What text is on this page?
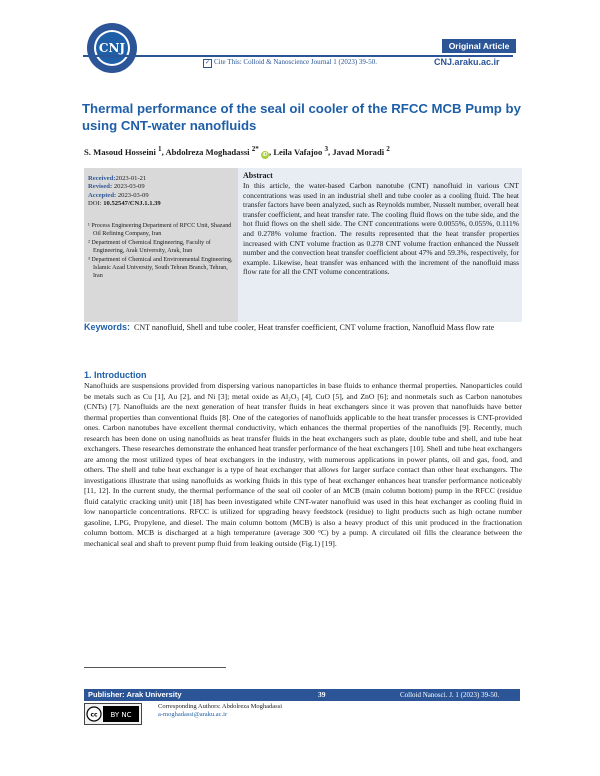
CNJ	Original Article
✓ Cite This: Colloid & Nanoscience Journal 1 (2023) 39-50.	CNJ.araku.ac.ir
Thermal performance of the seal oil cooler of the RFCC MCB Pump by using CNT-water nanofluids
S. Masoud Hosseini $^1$, Abdolreza Moghadassi $^{2*}$ iD , Leila Vafajoo $^3$, Javad Moradi $^2$
Received:2023-01-21
Revised: 2023-03-09
Accepted: 2023-03-09
DOI: 10.52547/CNJ.1.1.39

¹ Process Engineering Department of RFCC Unit, Shazand Oil Refining Company, Iran

² Department of Chemical Engineering, Faculty of Engineering, Arak University, Arak, Iran

³ Department of Chemical and Environmental Engineering, Islamic Azad University, South Tehran Branch, Tehran, Iran

Abstract
In this article, the water-based Carbon nanotube (CNT) nanofluid in various CNT concentrations was used in an industrial shell and tube cooler as a cooling fluid. The heat transfer factors have been analyzed, such as Reynolds number, Nusselt number, overall heat transfer coefficient, and heat transfer rate. The cooling fluid flows on the tube side, and the hot fluid flows on the shell side. The CNT concentrations were 0.0055%, 0.055%, 0.111% and 0.278% volume fraction. The results represented that the heat transfer properties increased with CNT volume fraction as 0.278 CNT volume fraction enhanced the Nusselt number and the convection heat transfer coefficient about 47% and 59.3%, respectively, for example. Likewise, heat transfer was enhanced with the increment of the nanofluid mass flow rate for all the CNT volume concentrations.
Keywords: CNT nanofluid, Shell and tube cooler, Heat transfer coefficient, CNT volume fraction, Nanofluid Mass flow rate
1. Introduction
Nanofluids are suspensions provided from dispersing various nanoparticles in base fluids to enhance thermal properties. Nanoparticles could be metals such as Cu [1], Au [2], and Ni [3]; metal oxide as Al₂O₃ [4], CuO [5], and ZnO [6]; and nonmetals such as Carbon nanotubes (CNTs) [7]. Nanofluids are the next generation of heat transfer fluids in heat exchangers since it was proven that nanofluids have better thermal properties than conventional fluids [8]. One of the categories of nanofluids applicable to the heat transfer processes is CNT-provided ones. Carbon nanotubes have excellent thermal conductivity, which enhances the thermal properties of the nanofluids [9]. Recently, much research has been done on using nanofluids as heat transfer fluids in the heat exchangers such as plate, double tube and shell, and tube heat exchangers. These researches demonstrate the enhanced heat transfer performance of the heat exchangers [10]. Shell and tube heat exchangers are among the most utilized types of heat exchangers in the industry, with numerous applications in power plants, oil and gas, food, and others. The shell and tube heat exchanger is a type of heat exchanger that allows for larger surface contact than other heat exchangers. The investigations illustrate that using nanofluids as working fluids in this type of heat exchanger enhances heat transfer performance noticeably [11, 12]. In the current study, the thermal performance of the seal oil cooler of an MCB (main column bottom) pump in the RFCC (residue fluid catalytic cracking unit) unit [18] has been investigated while CNT-water nanofluid was used in this heat exchanger as cooling fluid in low nanoparticle concentrations. RFCC is utilized for upgrading heavy feedstock (residue) to light products such as high octane number gasoline, LPG, Propylene, and diesel. The main column bottom (MCB) is also a heavy product of this unit produced in the fractionation column bottom. MCB is discharged at a high temperature (average 300 °C) by a pump. A circulated oil fills the clearance between the mechanical seal and shaft to prevent pump fluid from leaking outside (Fig.1) [19].
Publisher: Arak University	39	Colloid Nanosci. J. 1 (2023) 39-50.
cc BY NC
Corresponding Authors: Abdolreza Moghadassi
a-moghadassi@araku.ac.ir
